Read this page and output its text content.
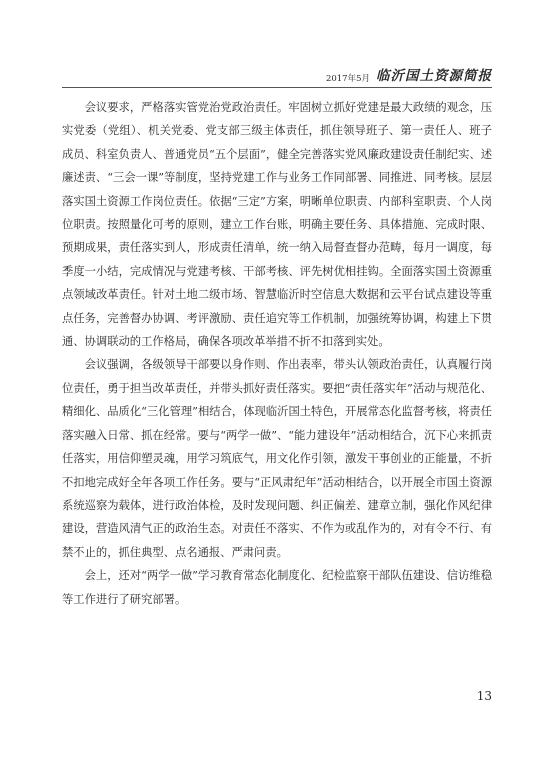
2017年5月 临沂国土资源简报

会议要求，严格落实管党治党政治责任。牢固树立抓好党建是最大政绩的观念，压实党委（党组）、机关党委、党支部三级主体责任，抓住领导班子、第一责任人、班子成员、科室负责人、普通党员“五个层面”，健全完善落实党风廉政建设责任制纪实、述廉述责、“三会一课”等制度，坚持党建工作与业务工作同部署、同推进、同考核。层层落实国土资源工作岗位责任。依据“三定”方案，明晰单位职责、内部科室职责、个人岗位职责。按照量化可考的原则，建立工作台账，明确主要任务、具体措施、完成时限、预期成果，责任落实到人，形成责任清单，统一纳入局督查督办范畴，每月一调度，每季度一小结，完成情况与党建考核、干部考核、评先树优相挂钩。全面落实国土资源重点领域改革责任。针对土地二级市场、智慧临沂时空信息大数据和云平台试点建设等重点任务，完善督办协调、考评激励、责任追究等工作机制，加强统筹协调，构建上下贯通、协调联动的工作格局，确保各项改革举措不折不扣落到实处。

会议强调，各级领导干部要以身作则、作出表率，带头认领政治责任，认真履行岗位责任，勇于担当改革责任，并带头抓好责任落实。要把“责任落实年”活动与规范化、精细化、品质化“三化管理”相结合，体现临沂国土特色，开展常态化监督考核，将责任落实融入日常、抓在经常。要与“两学一做”、“能力建设年”活动相结合，沉下心来抓责任落实，用信仰塑灵魂，用学习筑底气，用文化作引领，激发干事创业的正能量，不折不扣地完成好全年各项工作任务。要与“正风肃纪年”活动相结合，以开展全市国土资源系统巡察为载体，进行政治体检，及时发现问题、纠正偏差、建章立制，强化作风纪律建设，营造风清气正的政治生态。对责任不落实、不作为或乱作为的，对有令不行、有禁不止的，抓住典型、点名通报、严肃问责。

会上，还对“两学一做”学习教育常态化制度化、纪检监察干部队伍建设、信访维稳等工作进行了研究部署。

13
